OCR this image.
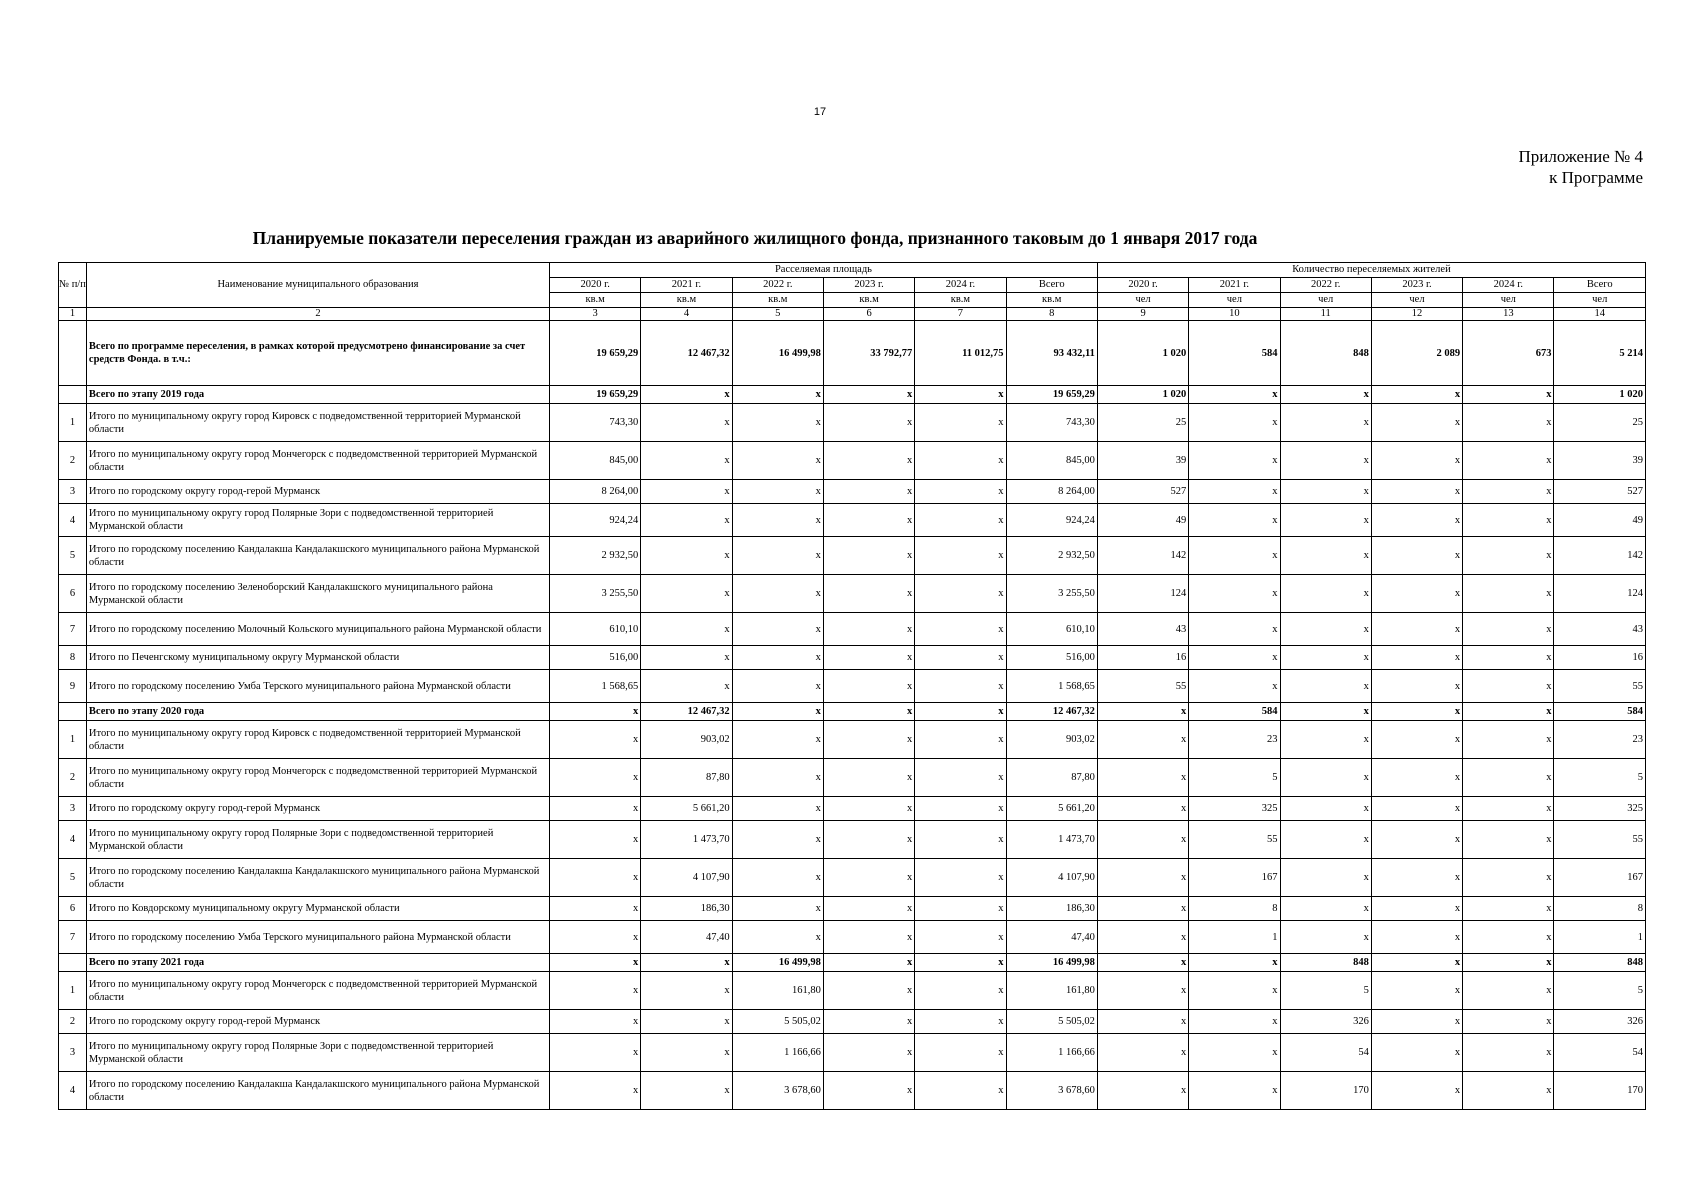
17
Приложение № 4
к Программе
Планируемые показатели переселения граждан из аварийного жилищного фонда, признанного таковым до 1 января 2017 года
№ п/п	Наименование муниципального образования	Расселяемая площадь						Количество переселяемых жителей					
		2020 г.	2021 г.	2022 г.	2023 г.	2024 г.	Всего	2020 г.	2021 г.	2022 г.	2023 г.	2024 г.	Всего
		кв.м	кв.м	кв.м	кв.м	кв.м	кв.м	чел	чел	чел	чел	чел	чел
1	2	3	4	5	6	7	8	9	10	11	12	13	14
	Всего по программе переселения, в рамках которой предусмотрено финансирование за счет средств Фонда. в т.ч.:	19 659,29	12 467,32	16 499,98	33 792,77	11 012,75	93 432,11	1 020	584	848	2 089	673	5 214
	Всего по этапу 2019 года	19 659,29	x	x	x	x	19 659,29	1 020	x	x	x	x	1 020
1	Итого по муниципальному округу город Кировск с подведомственной территорией Мурманской области	743,30	x	x	x	x	743,30	25	x	x	x	x	25
2	Итого по муниципальному округу город Мончегорск с подведомственной территорией Мурманской области	845,00	x	x	x	x	845,00	39	x	x	x	x	39
3	Итого по городскому округу город-герой Мурманск	8 264,00	x	x	x	x	8 264,00	527	x	x	x	x	527
4	Итого по муниципальному округу город Полярные Зори с подведомственной территорией Мурманской области	924,24	x	x	x	x	924,24	49	x	x	x	x	49
5	Итого по городскому поселению Кандалакша Кандалакшского муниципального района Мурманской области	2 932,50	x	x	x	x	2 932,50	142	x	x	x	x	142
6	Итого по городскому поселению Зеленоборский Кандалакшского муниципального района Мурманской области	3 255,50	x	x	x	x	3 255,50	124	x	x	x	x	124
7	Итого по городскому поселению Молочный Кольского муниципального района Мурманской области	610,10	x	x	x	x	610,10	43	x	x	x	x	43
8	Итого по Печенгскому муниципальному округу Мурманской области	516,00	x	x	x	x	516,00	16	x	x	x	x	16
9	Итого по городскому поселению Умба Терского муниципального района Мурманской области	1 568,65	x	x	x	x	1 568,65	55	x	x	x	x	55
	Всего по этапу 2020 года	x	12 467,32	x	x	x	12 467,32	x	584	x	x	x	584
1	Итого по муниципальному округу город Кировск с подведомственной территорией Мурманской области	x	903,02	x	x	x	903,02	x	23	x	x	x	23
2	Итого по муниципальному округу город Мончегорск с подведомственной территорией Мурманской области	x	87,80	x	x	x	87,80	x	5	x	x	x	5
3	Итого по городскому округу город-герой Мурманск	x	5 661,20	x	x	x	5 661,20	x	325	x	x	x	325
4	Итого по муниципальному округу город Полярные Зори с подведомственной территорией Мурманской области	x	1 473,70	x	x	x	1 473,70	x	55	x	x	x	55
5	Итого по городскому поселению Кандалакша Кандалакшского муниципального района Мурманской области	x	4 107,90	x	x	x	4 107,90	x	167	x	x	x	167
6	Итого по Ковдорскому муниципальному округу Мурманской области	x	186,30	x	x	x	186,30	x	8	x	x	x	8
7	Итого по городскому поселению Умба Терского муниципального района Мурманской области	x	47,40	x	x	x	47,40	x	1	x	x	x	1
	Всего по этапу 2021 года	x	x	16 499,98	x	x	16 499,98	x	x	848	x	x	848
1	Итого по муниципальному округу город Мончегорск с подведомственной территорией Мурманской области	x	x	161,80	x	x	161,80	x	x	5	x	x	5
2	Итого по городскому округу город-герой Мурманск	x	x	5 505,02	x	x	5 505,02	x	x	326	x	x	326
3	Итого по муниципальному округу город Полярные Зори с подведомственной территорией Мурманской области	x	x	1 166,66	x	x	1 166,66	x	x	54	x	x	54
4	Итого по городскому поселению Кандалакша Кандалакшского муниципального района Мурманской области	x	x	3 678,60	x	x	3 678,60	x	x	170	x	x	170
